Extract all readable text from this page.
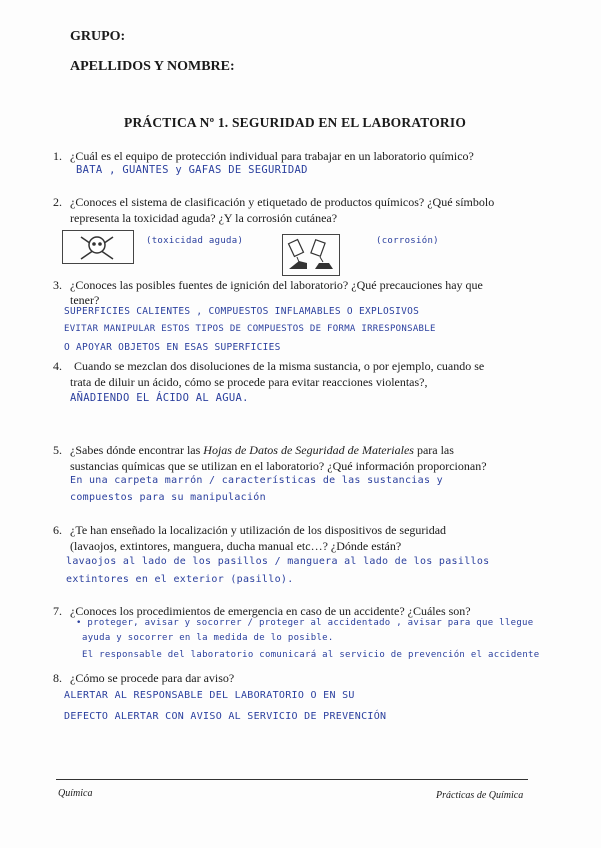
GRUPO:
APELLIDOS Y NOMBRE:
PRÁCTICA Nº 1. SEGURIDAD EN EL LABORATORIO
1. ¿Cuál es el equipo de protección individual para trabajar en un laboratorio químico?
BATA , GUANTES y GAFAS DE SEGURIDAD
2. ¿Conoces el sistema de clasificación y etiquetado de productos químicos? ¿Qué símbolo
representa la toxicidad aguda? ¿Y la corrosión cutánea?
(toxicidad aguda)	(corrosión)
3. ¿Conoces las posibles fuentes de ignición del laboratorio? ¿Qué precauciones hay que
tener?
SUPERFICIES CALIENTES , COMPUESTOS INFLAMABLES O EXPLOSIVOS
EVITAR MANIPULAR ESTOS TIPOS DE COMPUESTOS DE FORMA IRRESPONSABLE
O APOYAR OBJETOS EN ESAS SUPERFICIES
4. Cuando se mezclan dos disoluciones de la misma sustancia, o por ejemplo, cuando se
trata de diluir un ácido, cómo se procede para evitar reacciones violentas?,
AÑADIENDO EL ÁCIDO AL AGUA.
5. ¿Sabes dónde encontrar las Hojas de Datos de Seguridad de Materiales para las
sustancias químicas que se utilizan en el laboratorio? ¿Qué información proporcionan?
En una carpeta marrón / características de las sustancias y
compuestos para su manipulación
6. ¿Te han enseñado la localización y utilización de los dispositivos de seguridad
(lavaojos, extintores, manguera, ducha manual etc…? ¿Dónde están?
lavaojos al lado de los pasillos / manguera al lado de los pasillos
extintores en el exterior (pasillo).
7. ¿Conoces los procedimientos de emergencia en caso de un accidente? ¿Cuáles son?
• proteger, avisar y socorrer / proteger al accidentado , avisar para que llegue
ayuda y socorrer en la medida de lo posible.
El responsable del laboratorio comunicará al servicio de prevención el accidente
8. ¿Cómo se procede para dar aviso?
ALERTAR AL RESPONSABLE DEL LABORATORIO O EN SU
DEFECTO ALERTAR CON AVISO AL SERVICIO DE PREVENCIÓN
Química	Prácticas de Química
